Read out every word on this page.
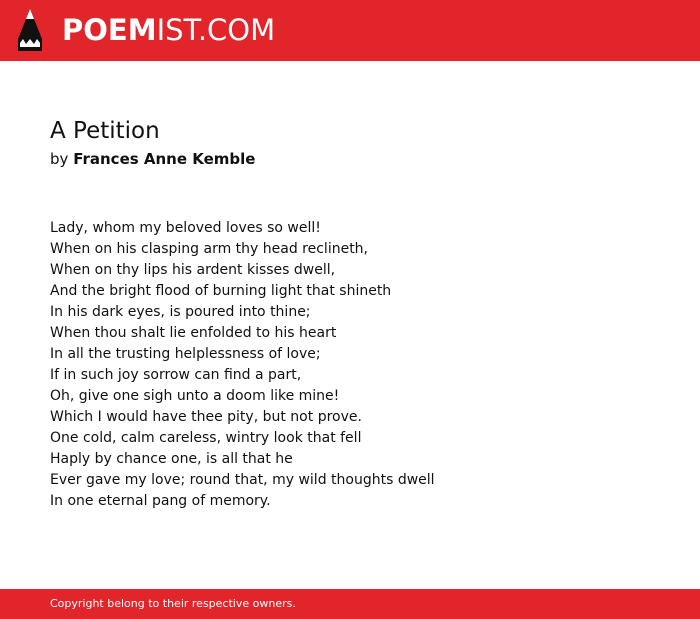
POEMIST.COM
A Petition
by Frances Anne Kemble
Lady, whom my beloved loves so well!
When on his clasping arm thy head reclineth,
When on thy lips his ardent kisses dwell,
And the bright flood of burning light that shineth
In his dark eyes, is poured into thine;
When thou shalt lie enfolded to his heart
In all the trusting helplessness of love;
If in such joy sorrow can find a part,
Oh, give one sigh unto a doom like mine!
Which I would have thee pity, but not prove.
One cold, calm careless, wintry look that fell
Haply by chance one, is all that he
Ever gave my love; round that, my wild thoughts dwell
In one eternal pang of memory.
Copyright belong to their respective owners.
